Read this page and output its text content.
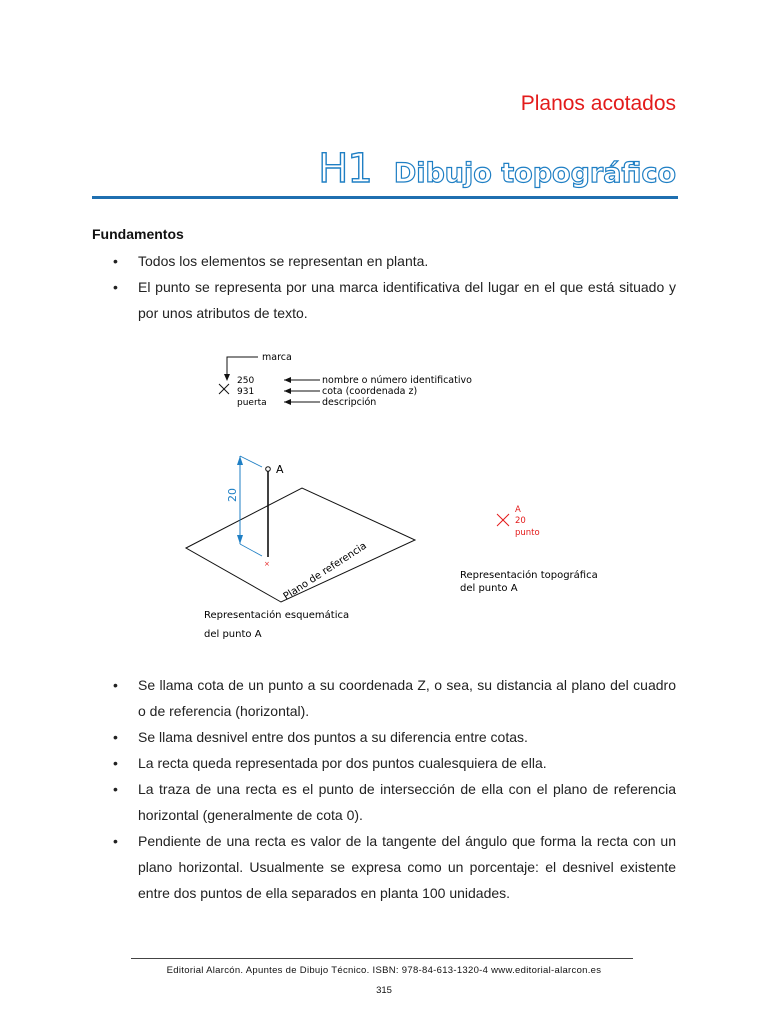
Planos acotados
H1 Dibujo topográfico
Fundamentos
• Todos los elementos se representan en planta.
• El punto se representa por una marca identificativa del lugar en el que está situado y por unos atributos de texto.
marca
250
931
puerta
nombre o número identificativo
cota (coordenada z)
descripción
A
20
× Plano de referencia
Representación esquemática
del punto A
A
20
punto
Representación topográfica
del punto A
• Se llama cota de un punto a su coordenada Z, o sea, su distancia al plano del cuadro o de referencia (horizontal).
• Se llama desnivel entre dos puntos a su diferencia entre cotas.
• La recta queda representada por dos puntos cualesquiera de ella.
• La traza de una recta es el punto de intersección de ella con el plano de referencia horizontal (generalmente de cota 0).
• Pendiente de una recta es valor de la tangente del ángulo que forma la recta con un plano horizontal. Usualmente se expresa como un porcentaje: el desnivel existente entre dos puntos de ella separados en planta 100 unidades.
Editorial Alarcón. Apuntes de Dibujo Técnico. ISBN: 978-84-613-1320-4 www.editorial-alarcon.es
315
